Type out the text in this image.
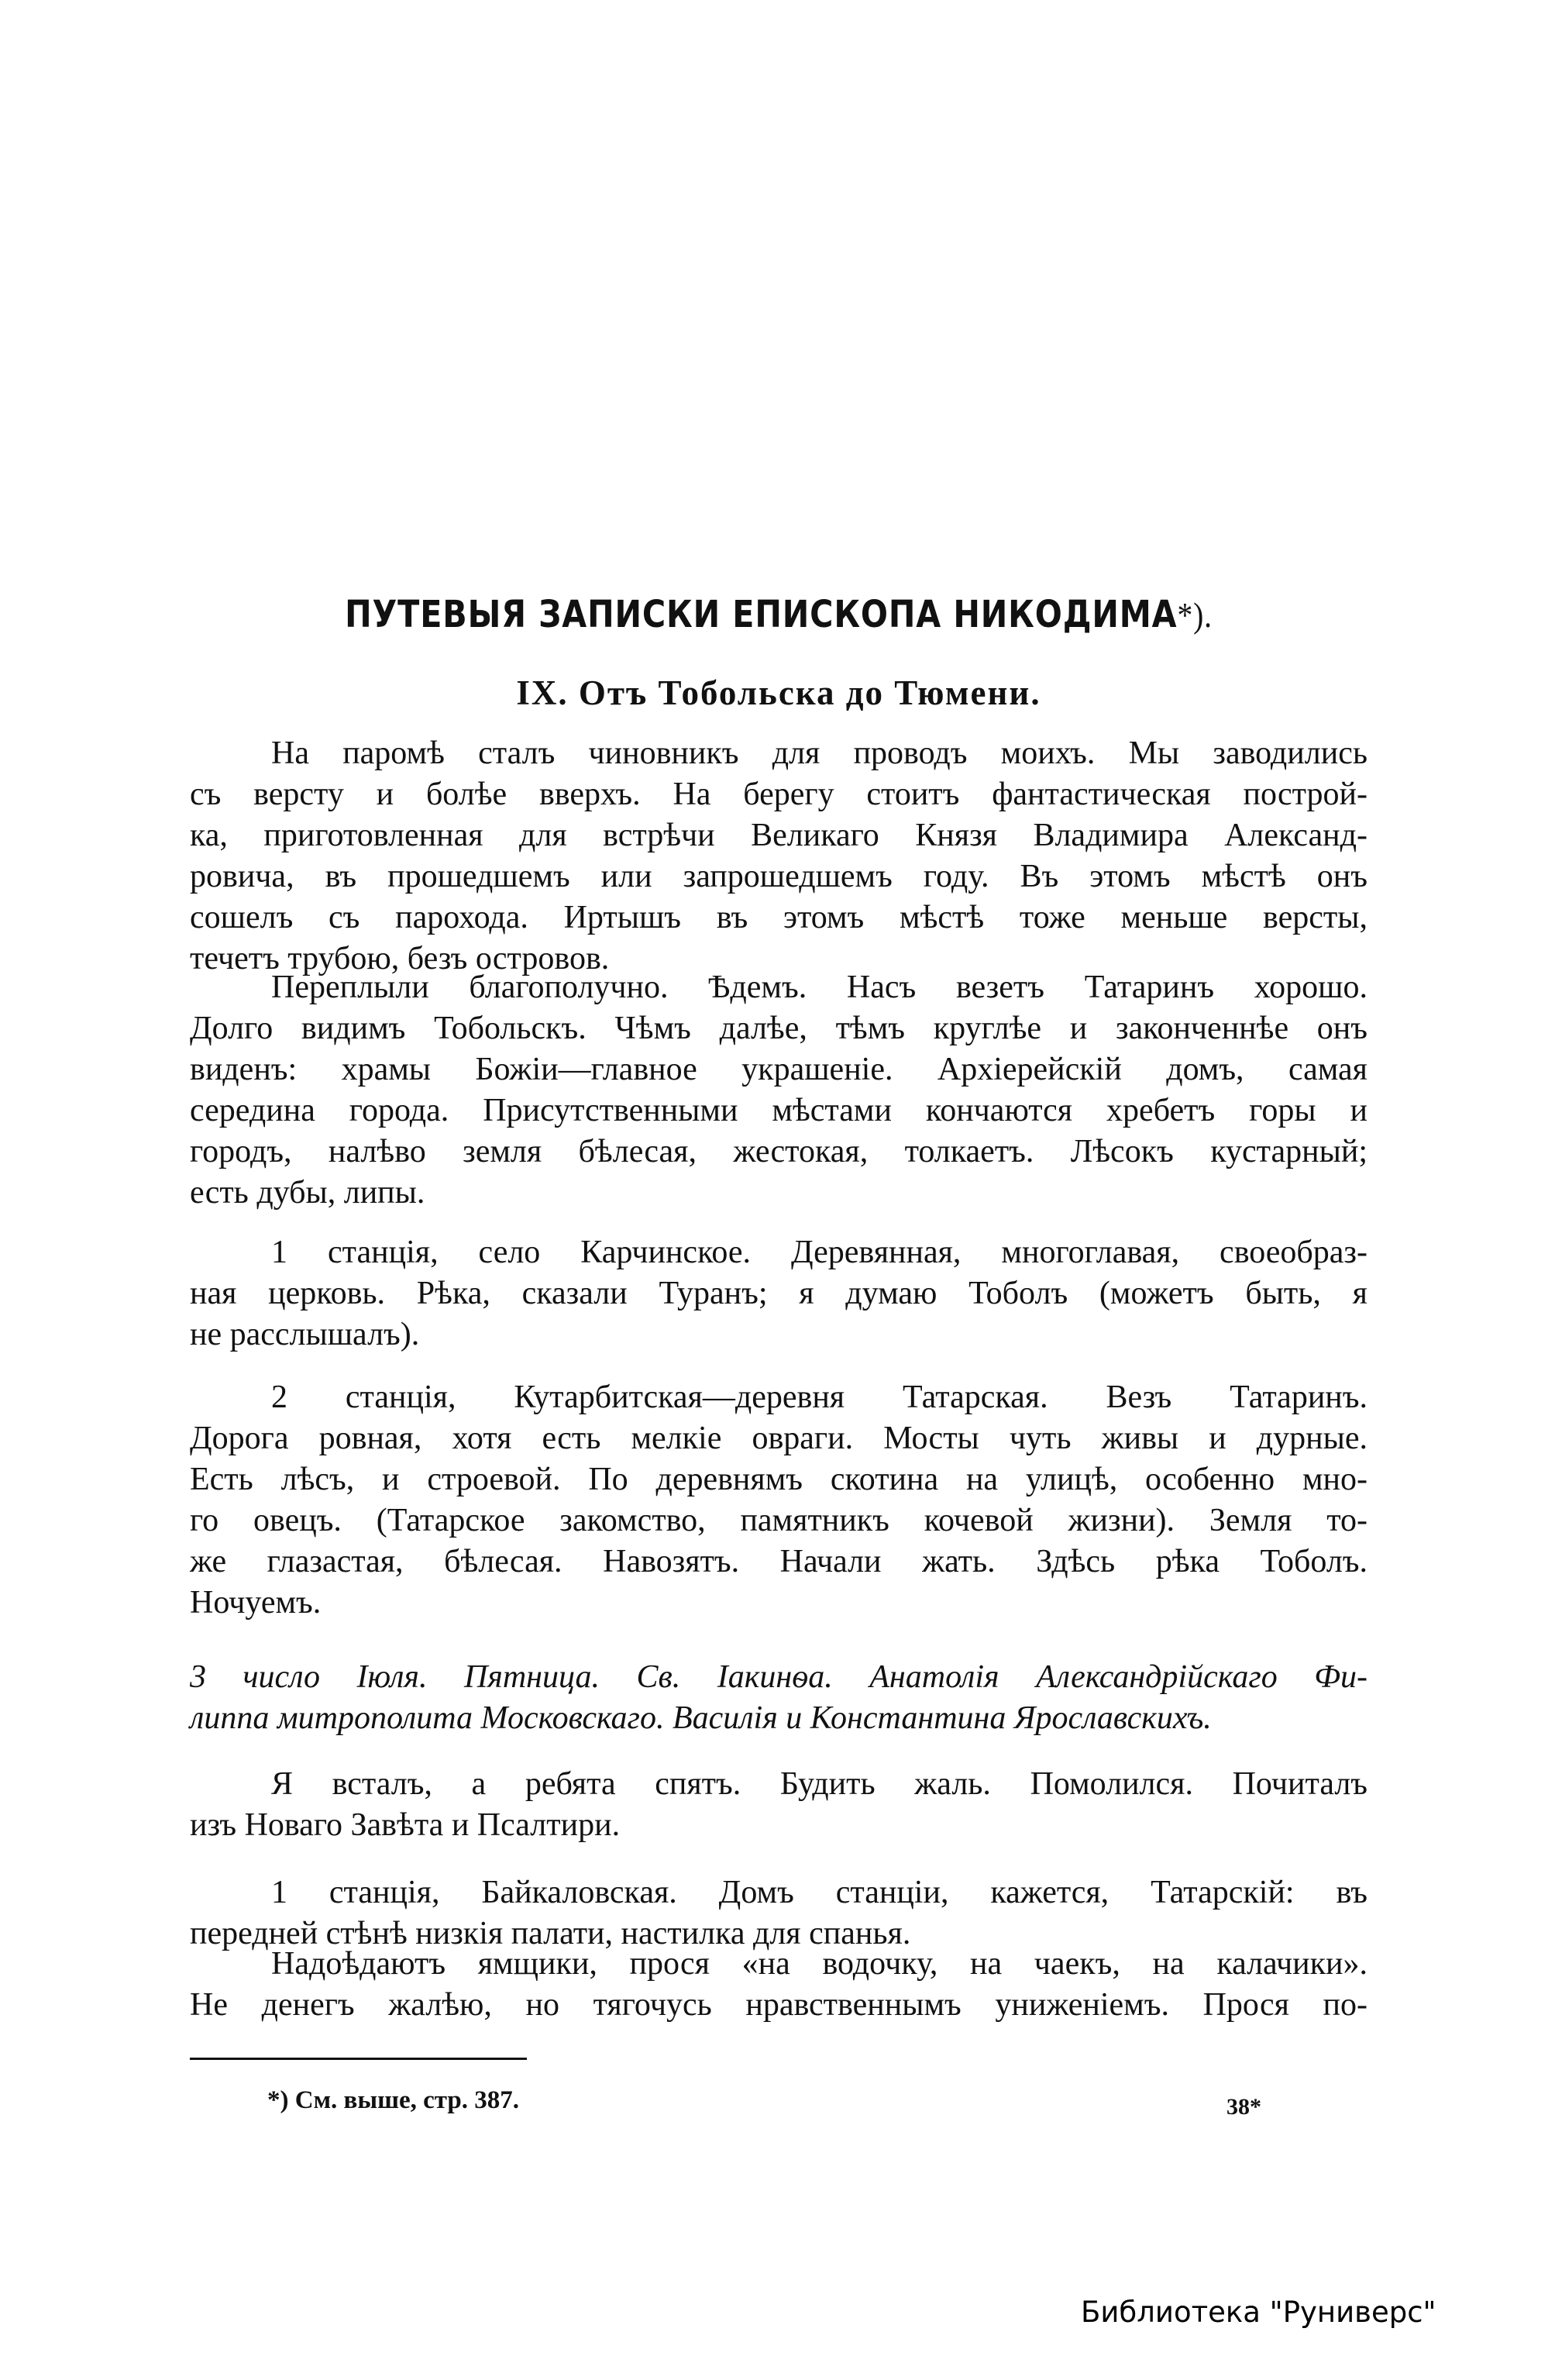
ПУТЕВЫЯ ЗАПИСКИ ЕПИСКОПА НИКОДИМА*).
IX. Отъ Тобольска до Тюмени.
На паромѣ сталъ чиновникъ для проводъ моихъ. Мы заводились
съ версту и болѣе вверхъ. На берегу стоитъ фантастическая построй-
ка, приготовленная для встрѣчи Великаго Князя Владимира Александ-
ровича, въ прошедшемъ или запрошедшемъ году. Въ этомъ мѣстѣ онъ
сошелъ съ парохода. Иртышъ въ этомъ мѣстѣ тоже меньше версты,
течетъ трубою, безъ островов.
Переплыли благополучно. Ѣдемъ. Насъ везетъ Татаринъ хорошо.
Долго видимъ Тобольскъ. Чѣмъ далѣе, тѣмъ круглѣе и законченнѣе онъ
виденъ: храмы Божiи—главное украшенiе. Архiерейскiй домъ, самая
середина города. Присутственными мѣстами кончаются хребетъ горы и
городъ, налѣво земля бѣлесая, жестокая, толкаетъ. Лѣсокъ кустарный;
есть дубы, липы.
1 станцiя, село Карчинское. Деревянная, многоглавая, своеобраз-
ная церковь. Рѣка, сказали Туранъ; я думаю Тоболъ (можетъ быть, я
не расслышалъ).
2 станцiя, Кутарбитская—деревня Татарская. Везъ Татаринъ.
Дорога ровная, хотя есть мелкiе овраги. Мосты чуть живы и дурные.
Есть лѣсъ, и строевой. По деревнямъ скотина на улицѣ, особенно мно-
го овецъ. (Татарское закомство, памятникъ кочевой жизни). Земля то-
же глазастая, бѣлесая. Навозятъ. Начали жать. Здѣсь рѣка Тоболъ.
Ночуемъ.
3 число Iюля. Пятница. Св. Iакинѳа. Анатолiя Александрiйскаго Фи-
липпа митрополита Московскаго. Василiя и Константина Ярославскихъ.
Я всталъ, а ребята спятъ. Будить жаль. Помолился. Почиталъ
изъ Новаго Завѣта и Псалтири.
1 станцiя, Байкаловская. Домъ станцiи, кажется, Татарскiй: въ
передней стѣнѣ низкiя палати, настилка для спанья.
Надоѣдаютъ ямщики, прося «на водочку, на чаекъ, на калачики».
Не денегъ жалѣю, но тягочусь нравственнымъ униженiемъ. Прося по-
*) См. выше, стр. 387.	38*
Библиотека "Руниверс"
